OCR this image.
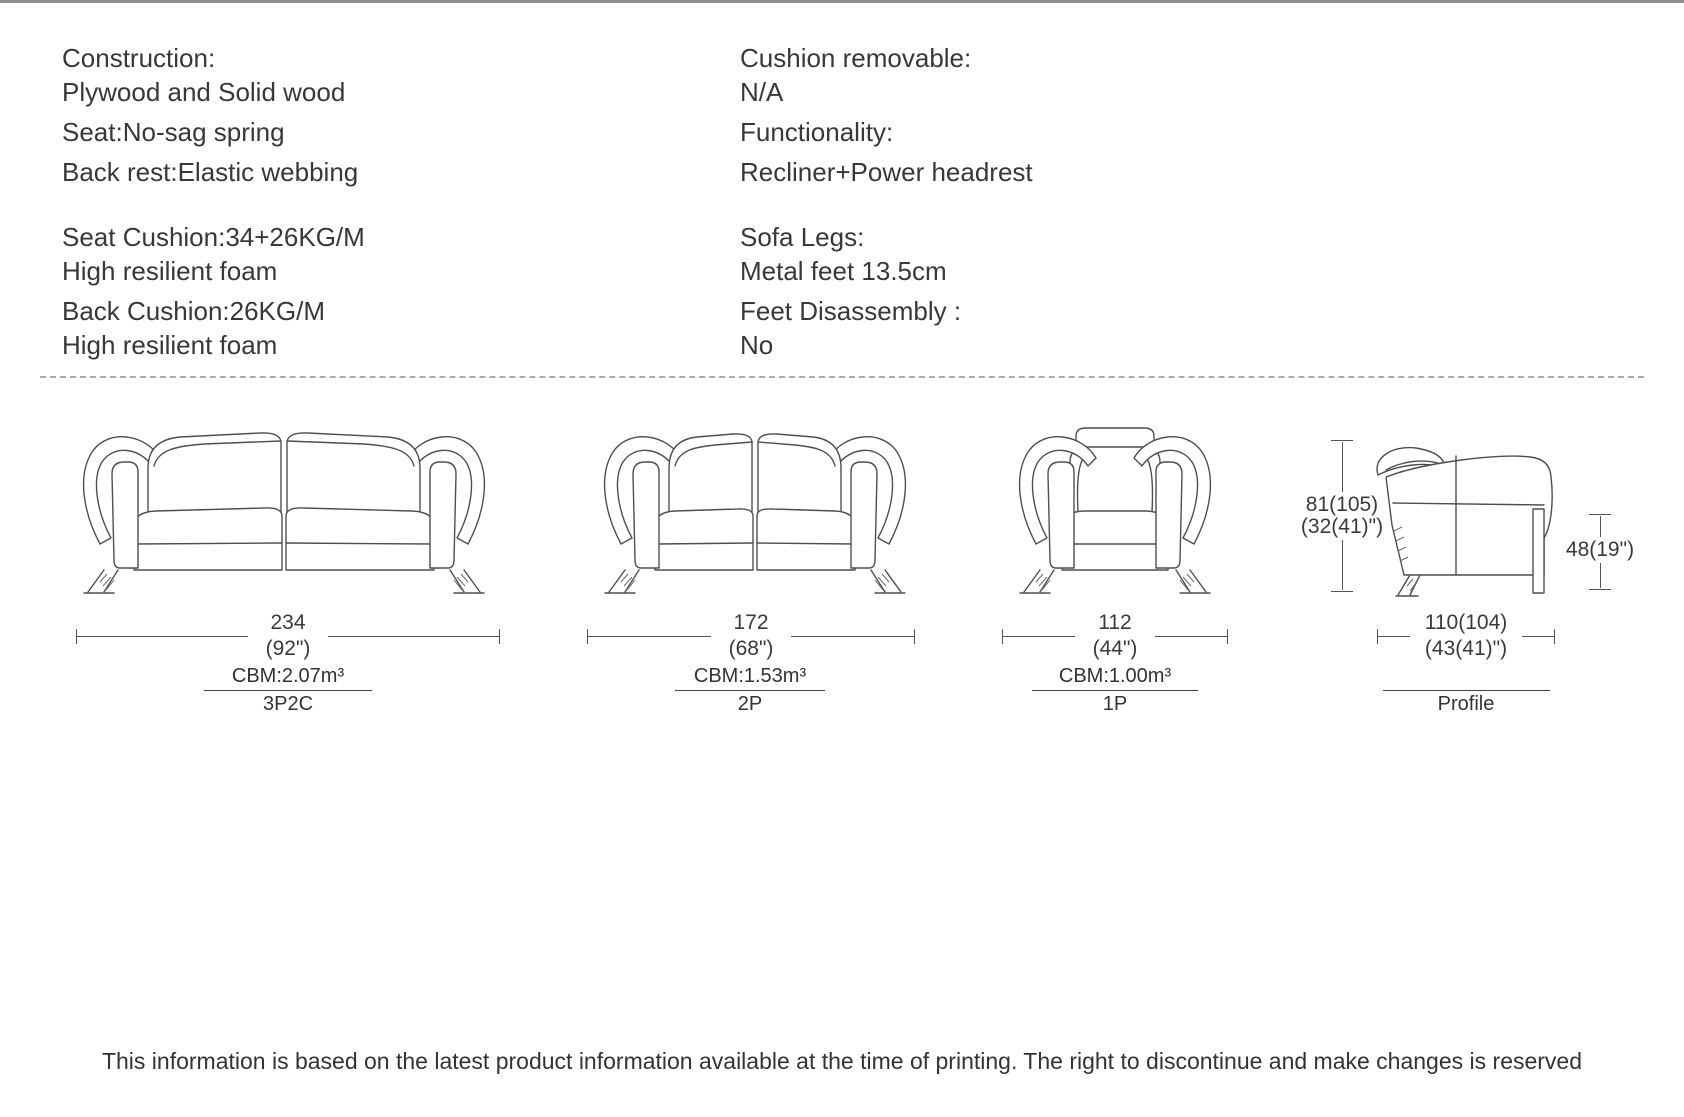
Construction:
Plywood and Solid wood
Seat:No-sag spring
Back rest:Elastic webbing
Seat Cushion:34+26KG/M
High resilient foam
Back Cushion:26KG/M
High resilient foam
Cushion removable:
N/A
Functionality:
Recliner+Power headrest
Sofa Legs:
Metal feet 13.5cm
Feet Disassembly :
No
234
(92")
172
(68")
112
(44")
110(104)
(43(41)")
81(105)
(32(41)")
48(19")
CBM:2.07m³
3P2C
CBM:1.53m³
2P
CBM:1.00m³
1P	Profile
This information is based on the latest product information available at the time of printing. The right to discontinue and make changes is reserved
